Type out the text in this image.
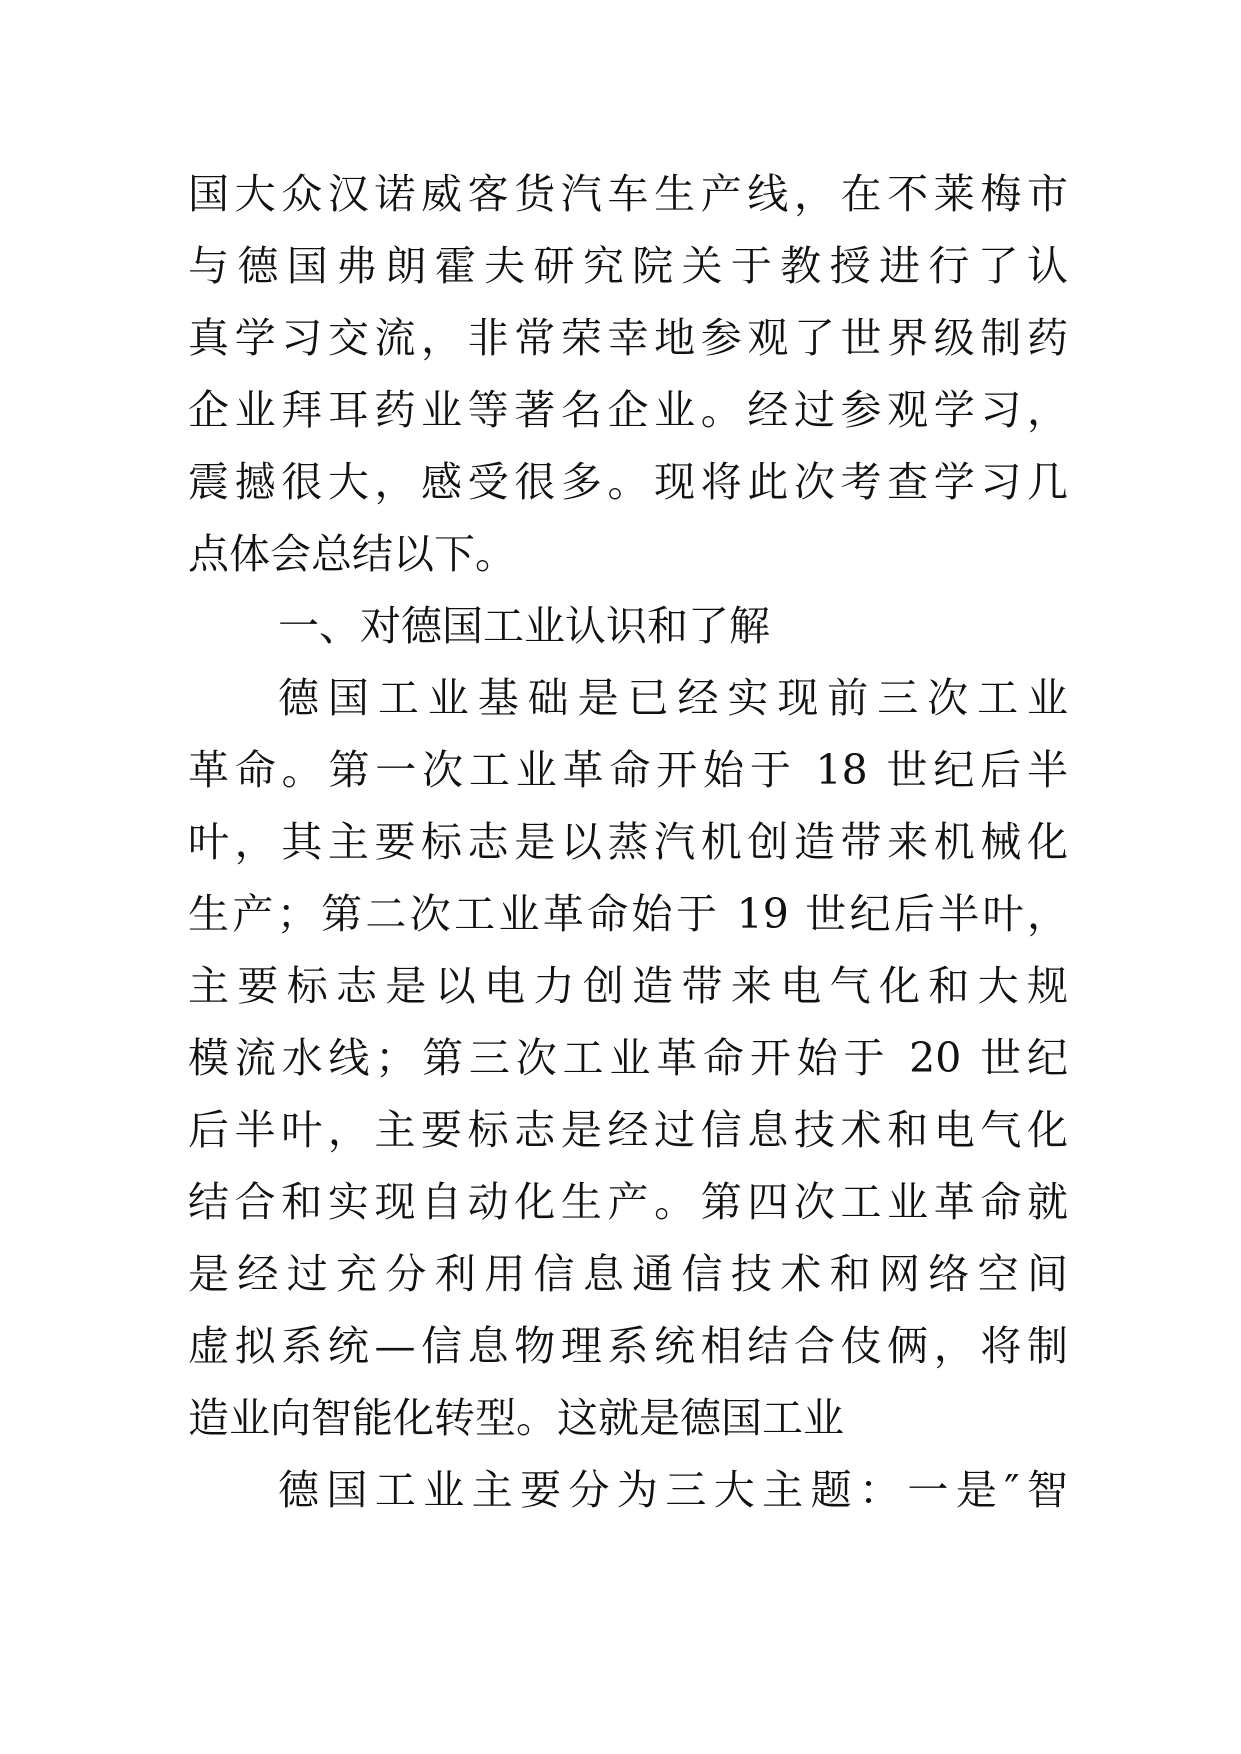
国大众汉诺威客货汽车生产线，在不莱梅市
与德国弗朗霍夫研究院关于教授进行了认
真学习交流，非常荣幸地参观了世界级制药
企业拜耳药业等著名企业。经过参观学习，
震撼很大，感受很多。现将此次考查学习几
点体会总结以下。
一、对德国工业认识和了解
德国工业基础是已经实现前三次工业
革命。第一次工业革命开始于 18 世纪后半
叶，其主要标志是以蒸汽机创造带来机械化
生产；第二次工业革命始于 19 世纪后半叶，
主要标志是以电力创造带来电气化和大规
模流水线；第三次工业革命开始于 20 世纪
后半叶，主要标志是经过信息技术和电气化
结合和实现自动化生产。第四次工业革命就
是经过充分利用信息通信技术和网络空间
虚拟系统—信息物理系统相结合伎俩，将制
造业向智能化转型。这就是德国工业
德国工业主要分为三大主题：一是″智
